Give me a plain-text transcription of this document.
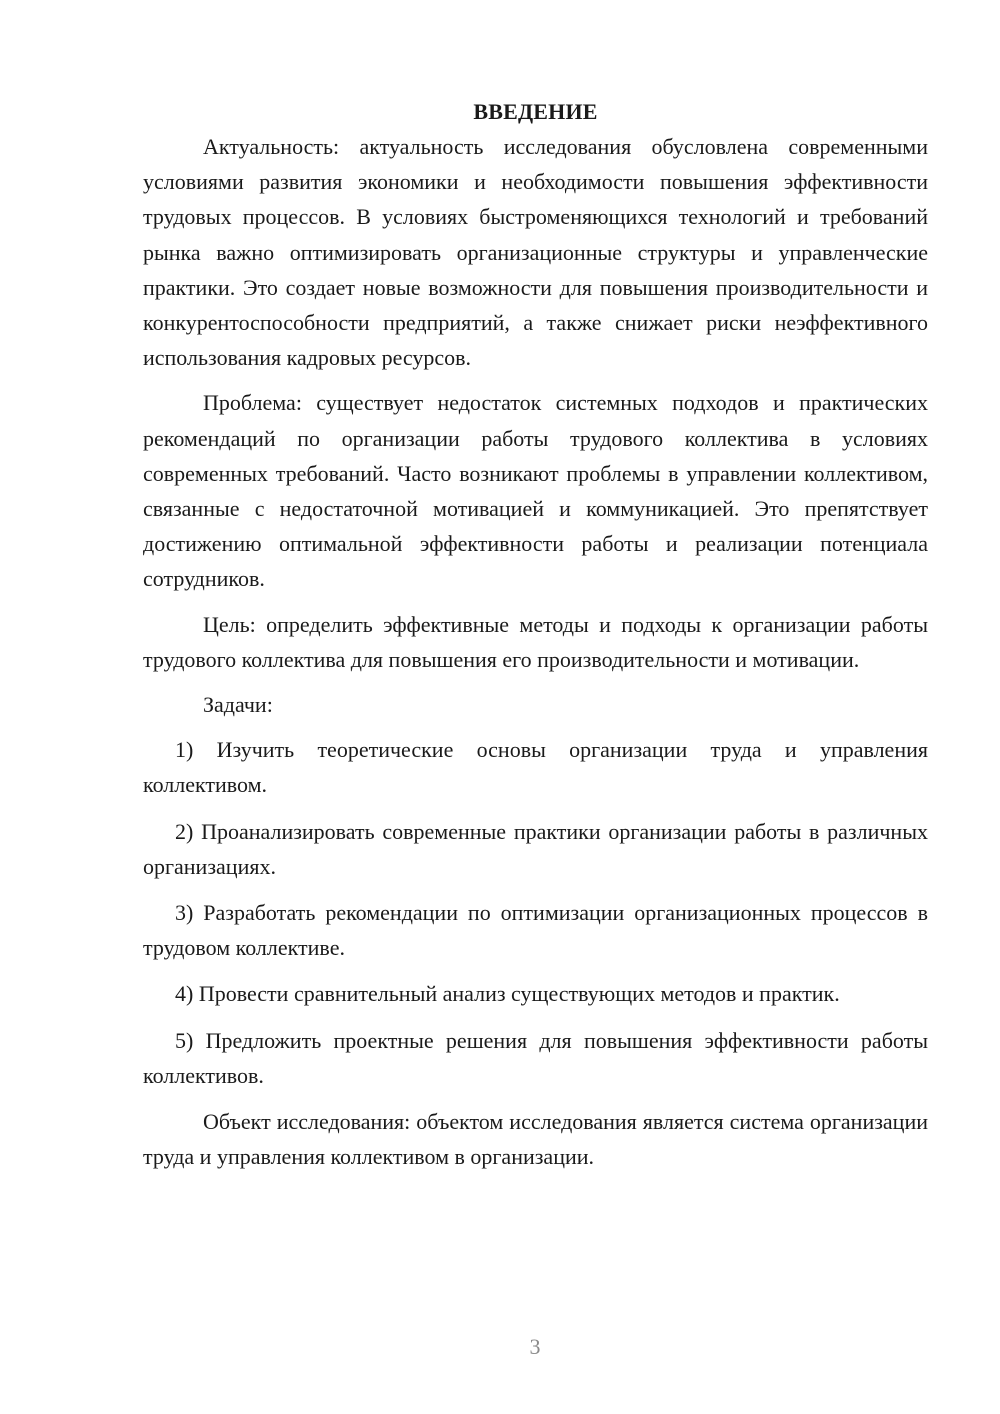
ВВЕДЕНИЕ

Актуальность: актуальность исследования обусловлена современными условиями развития экономики и необходимости повышения эффективности трудовых процессов. В условиях быстроменяющихся технологий и требований рынка важно оптимизировать организационные структуры и управленческие практики. Это создает новые возможности для повышения производительности и конкурентоспособности предприятий, а также снижает риски неэффективного использования кадровых ресурсов.

Проблема: существует недостаток системных подходов и практических рекомендаций по организации работы трудового коллектива в условиях современных требований. Часто возникают проблемы в управлении коллективом, связанные с недостаточной мотивацией и коммуникацией. Это препятствует достижению оптимальной эффективности работы и реализации потенциала сотрудников.

Цель: определить эффективные методы и подходы к организации работы трудового коллектива для повышения его производительности и мотивации.

Задачи:

1) Изучить теоретические основы организации труда и управления коллективом.

2) Проанализировать современные практики организации работы в различных организациях.

3) Разработать рекомендации по оптимизации организационных процессов в трудовом коллективе.

4) Провести сравнительный анализ существующих методов и практик.

5) Предложить проектные решения для повышения эффективности работы коллективов.

Объект исследования: объектом исследования является система организации труда и управления коллективом в организации.

3
